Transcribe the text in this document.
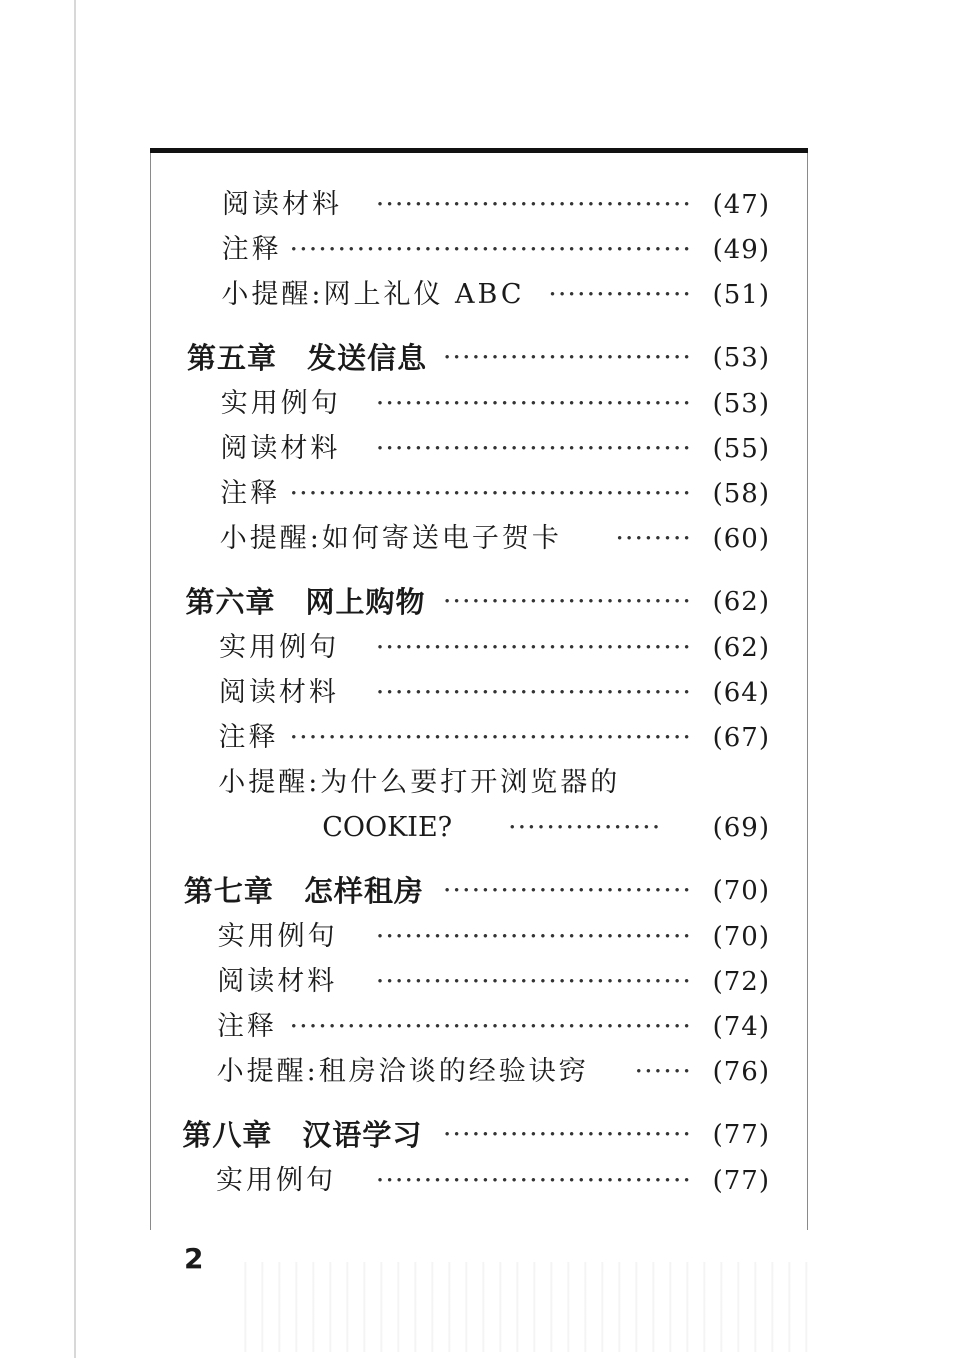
阅读材料	································· (47)
注释 ·········································· (49)
小提醒:网上礼仪 ABC ··············· (51)
第五章 发送信息 ·························· (53)
实用例句	································· (53)
阅读材料	································· (55)
注释 ·········································· (58)
小提醒:如何寄送电子贺卡	········ (60)
第六章 网上购物 ·························· (62)
实用例句	································· (62)
阅读材料	································· (64)
注释 ·········································· (67)
小提醒:为什么要打开浏览器的
COOKIE?	················	(69)
第七章 怎样租房 ·························· (70)
实用例句	································· (70)
阅读材料	································· (72)
注释 ·········································· (74)
小提醒:租房洽谈的经验诀窍	······ (76)
第八章 汉语学习 ·························· (77)
实用例句	································· (77)
2
